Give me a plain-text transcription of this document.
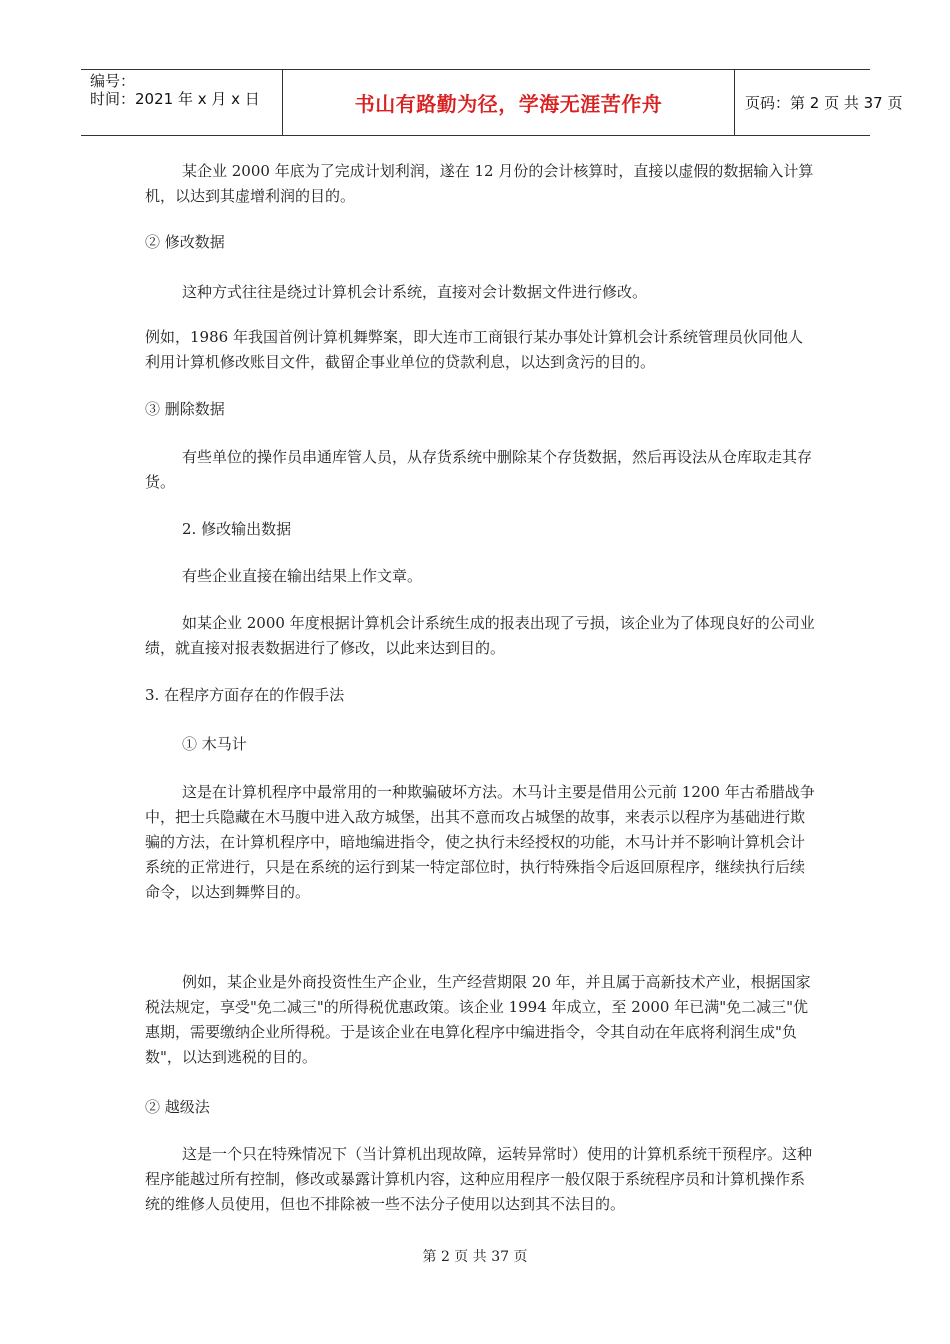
编号：
时间：2021 年 x 月 x 日	书山有路勤为径，学海无涯苦作舟	页码：第 2 页 共 37 页

某企业 2000 年底为了完成计划利润，遂在 12 月份的会计核算时，直接以虚假的数据输入计算机，以达到其虚增利润的目的。

② 修改数据

这种方式往往是绕过计算机会计系统，直接对会计数据文件进行修改。

例如，1986 年我国首例计算机舞弊案，即大连市工商银行某办事处计算机会计系统管理员伙同他人利用计算机修改账目文件，截留企事业单位的贷款利息，以达到贪污的目的。

③ 删除数据

有些单位的操作员串通库管人员，从存货系统中删除某个存货数据，然后再设法从仓库取走其存货。

2. 修改输出数据

有些企业直接在输出结果上作文章。

如某企业 2000 年度根据计算机会计系统生成的报表出现了亏损，该企业为了体现良好的公司业绩，就直接对报表数据进行了修改，以此来达到目的。

3. 在程序方面存在的作假手法

① 木马计

这是在计算机程序中最常用的一种欺骗破坏方法。木马计主要是借用公元前 1200 年古希腊战争中，把士兵隐藏在木马腹中进入敌方城堡，出其不意而攻占城堡的故事，来表示以程序为基础进行欺骗的方法，在计算机程序中，暗地编进指令，使之执行未经授权的功能，木马计并不影响计算机会计系统的正常进行，只是在系统的运行到某一特定部位时，执行特殊指令后返回原程序，继续执行后续命令，以达到舞弊目的。

例如，某企业是外商投资性生产企业，生产经营期限 20 年，并且属于高新技术产业，根据国家税法规定，享受"免二减三"的所得税优惠政策。该企业 1994 年成立，至 2000 年已满"免二减三"优惠期，需要缴纳企业所得税。于是该企业在电算化程序中编进指令，令其自动在年底将利润生成"负数"，以达到逃税的目的。

② 越级法

这是一个只在特殊情况下（当计算机出现故障，运转异常时）使用的计算机系统干预程序。这种程序能越过所有控制，修改或暴露计算机内容，这种应用程序一般仅限于系统程序员和计算机操作系统的维修人员使用，但也不排除被一些不法分子使用以达到其不法目的。

第 2 页 共 37 页
